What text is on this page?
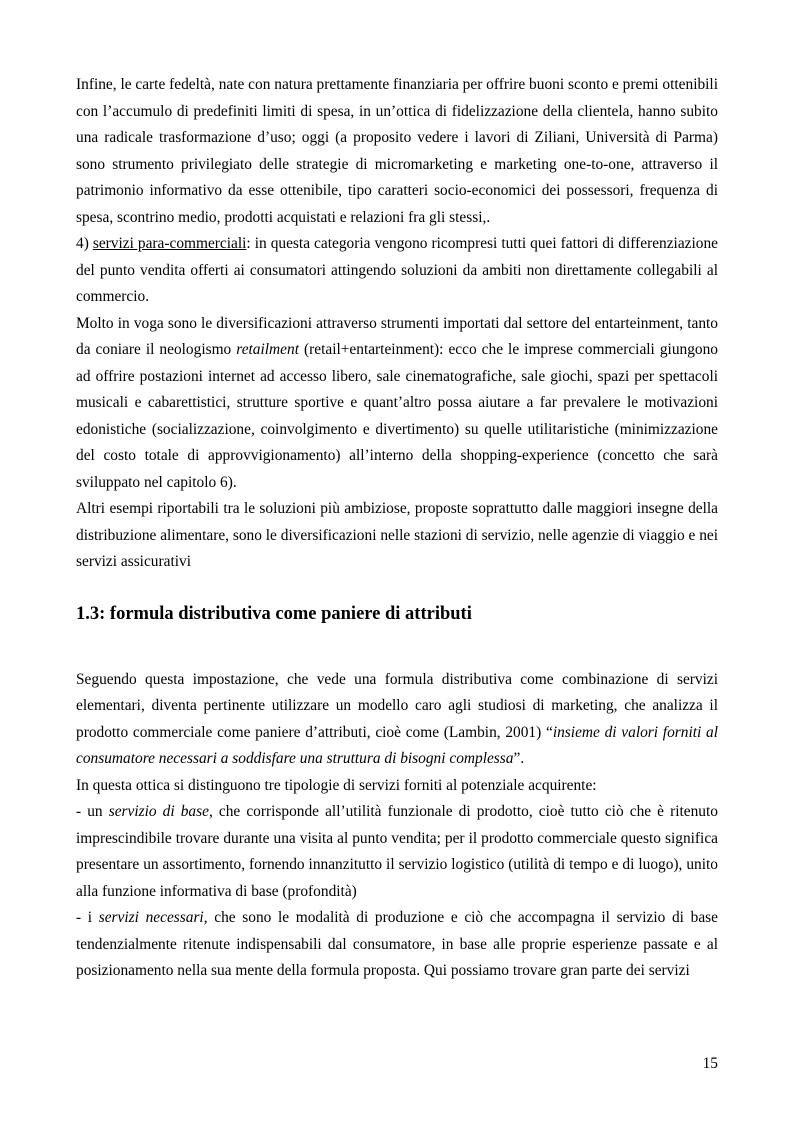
Infine, le carte fedeltà, nate con natura prettamente finanziaria per offrire buoni sconto e premi ottenibili con l’accumulo di predefiniti limiti di spesa, in un’ottica di fidelizzazione della clientela, hanno subito una radicale trasformazione d’uso; oggi (a proposito vedere i lavori di Ziliani, Università di Parma) sono strumento privilegiato delle strategie di micromarketing e marketing one-to-one, attraverso il patrimonio informativo da esse ottenibile, tipo caratteri socio-economici dei possessori, frequenza di spesa, scontrino medio, prodotti acquistati e relazioni fra gli stessi,.

4) servizi para-commerciali: in questa categoria vengono ricompresi tutti quei fattori di differenziazione del punto vendita offerti ai consumatori attingendo soluzioni da ambiti non direttamente collegabili al commercio.

Molto in voga sono le diversificazioni attraverso strumenti importati dal settore del entarteinment, tanto da coniare il neologismo retailment (retail+entarteinment): ecco che le imprese commerciali giungono ad offrire postazioni internet ad accesso libero, sale cinematografiche, sale giochi, spazi per spettacoli musicali e cabarettistici, strutture sportive e quant’altro possa aiutare a far prevalere le motivazioni edonistiche (socializzazione, coinvolgimento e divertimento) su quelle utilitaristiche (minimizzazione del costo totale di approvvigionamento) all’interno della shopping-experience (concetto che sarà sviluppato nel capitolo 6).

Altri esempi riportabili tra le soluzioni più ambiziose, proposte soprattutto dalle maggiori insegne della distribuzione alimentare, sono le diversificazioni nelle stazioni di servizio, nelle agenzie di viaggio e nei servizi assicurativi

1.3: formula distributiva come paniere di attributi

Seguendo questa impostazione, che vede una formula distributiva come combinazione di servizi elementari, diventa pertinente utilizzare un modello caro agli studiosi di marketing, che analizza il prodotto commerciale come paniere d’attributi, cioè come (Lambin, 2001) “insieme di valori forniti al consumatore necessari a soddisfare una struttura di bisogni complessa”.

In questa ottica si distinguono tre tipologie di servizi forniti al potenziale acquirente:

- un servizio di base, che corrisponde all’utilità funzionale di prodotto, cioè tutto ciò che è ritenuto imprescindibile trovare durante una visita al punto vendita; per il prodotto commerciale questo significa presentare un assortimento, fornendo innanzitutto il servizio logistico (utilità di tempo e di luogo), unito alla funzione informativa di base (profondità)

- i servizi necessari, che sono le modalità di produzione e ciò che accompagna il servizio di base tendenzialmente ritenute indispensabili dal consumatore, in base alle proprie esperienze passate e al posizionamento nella sua mente della formula proposta. Qui possiamo trovare gran parte dei servizi

15
